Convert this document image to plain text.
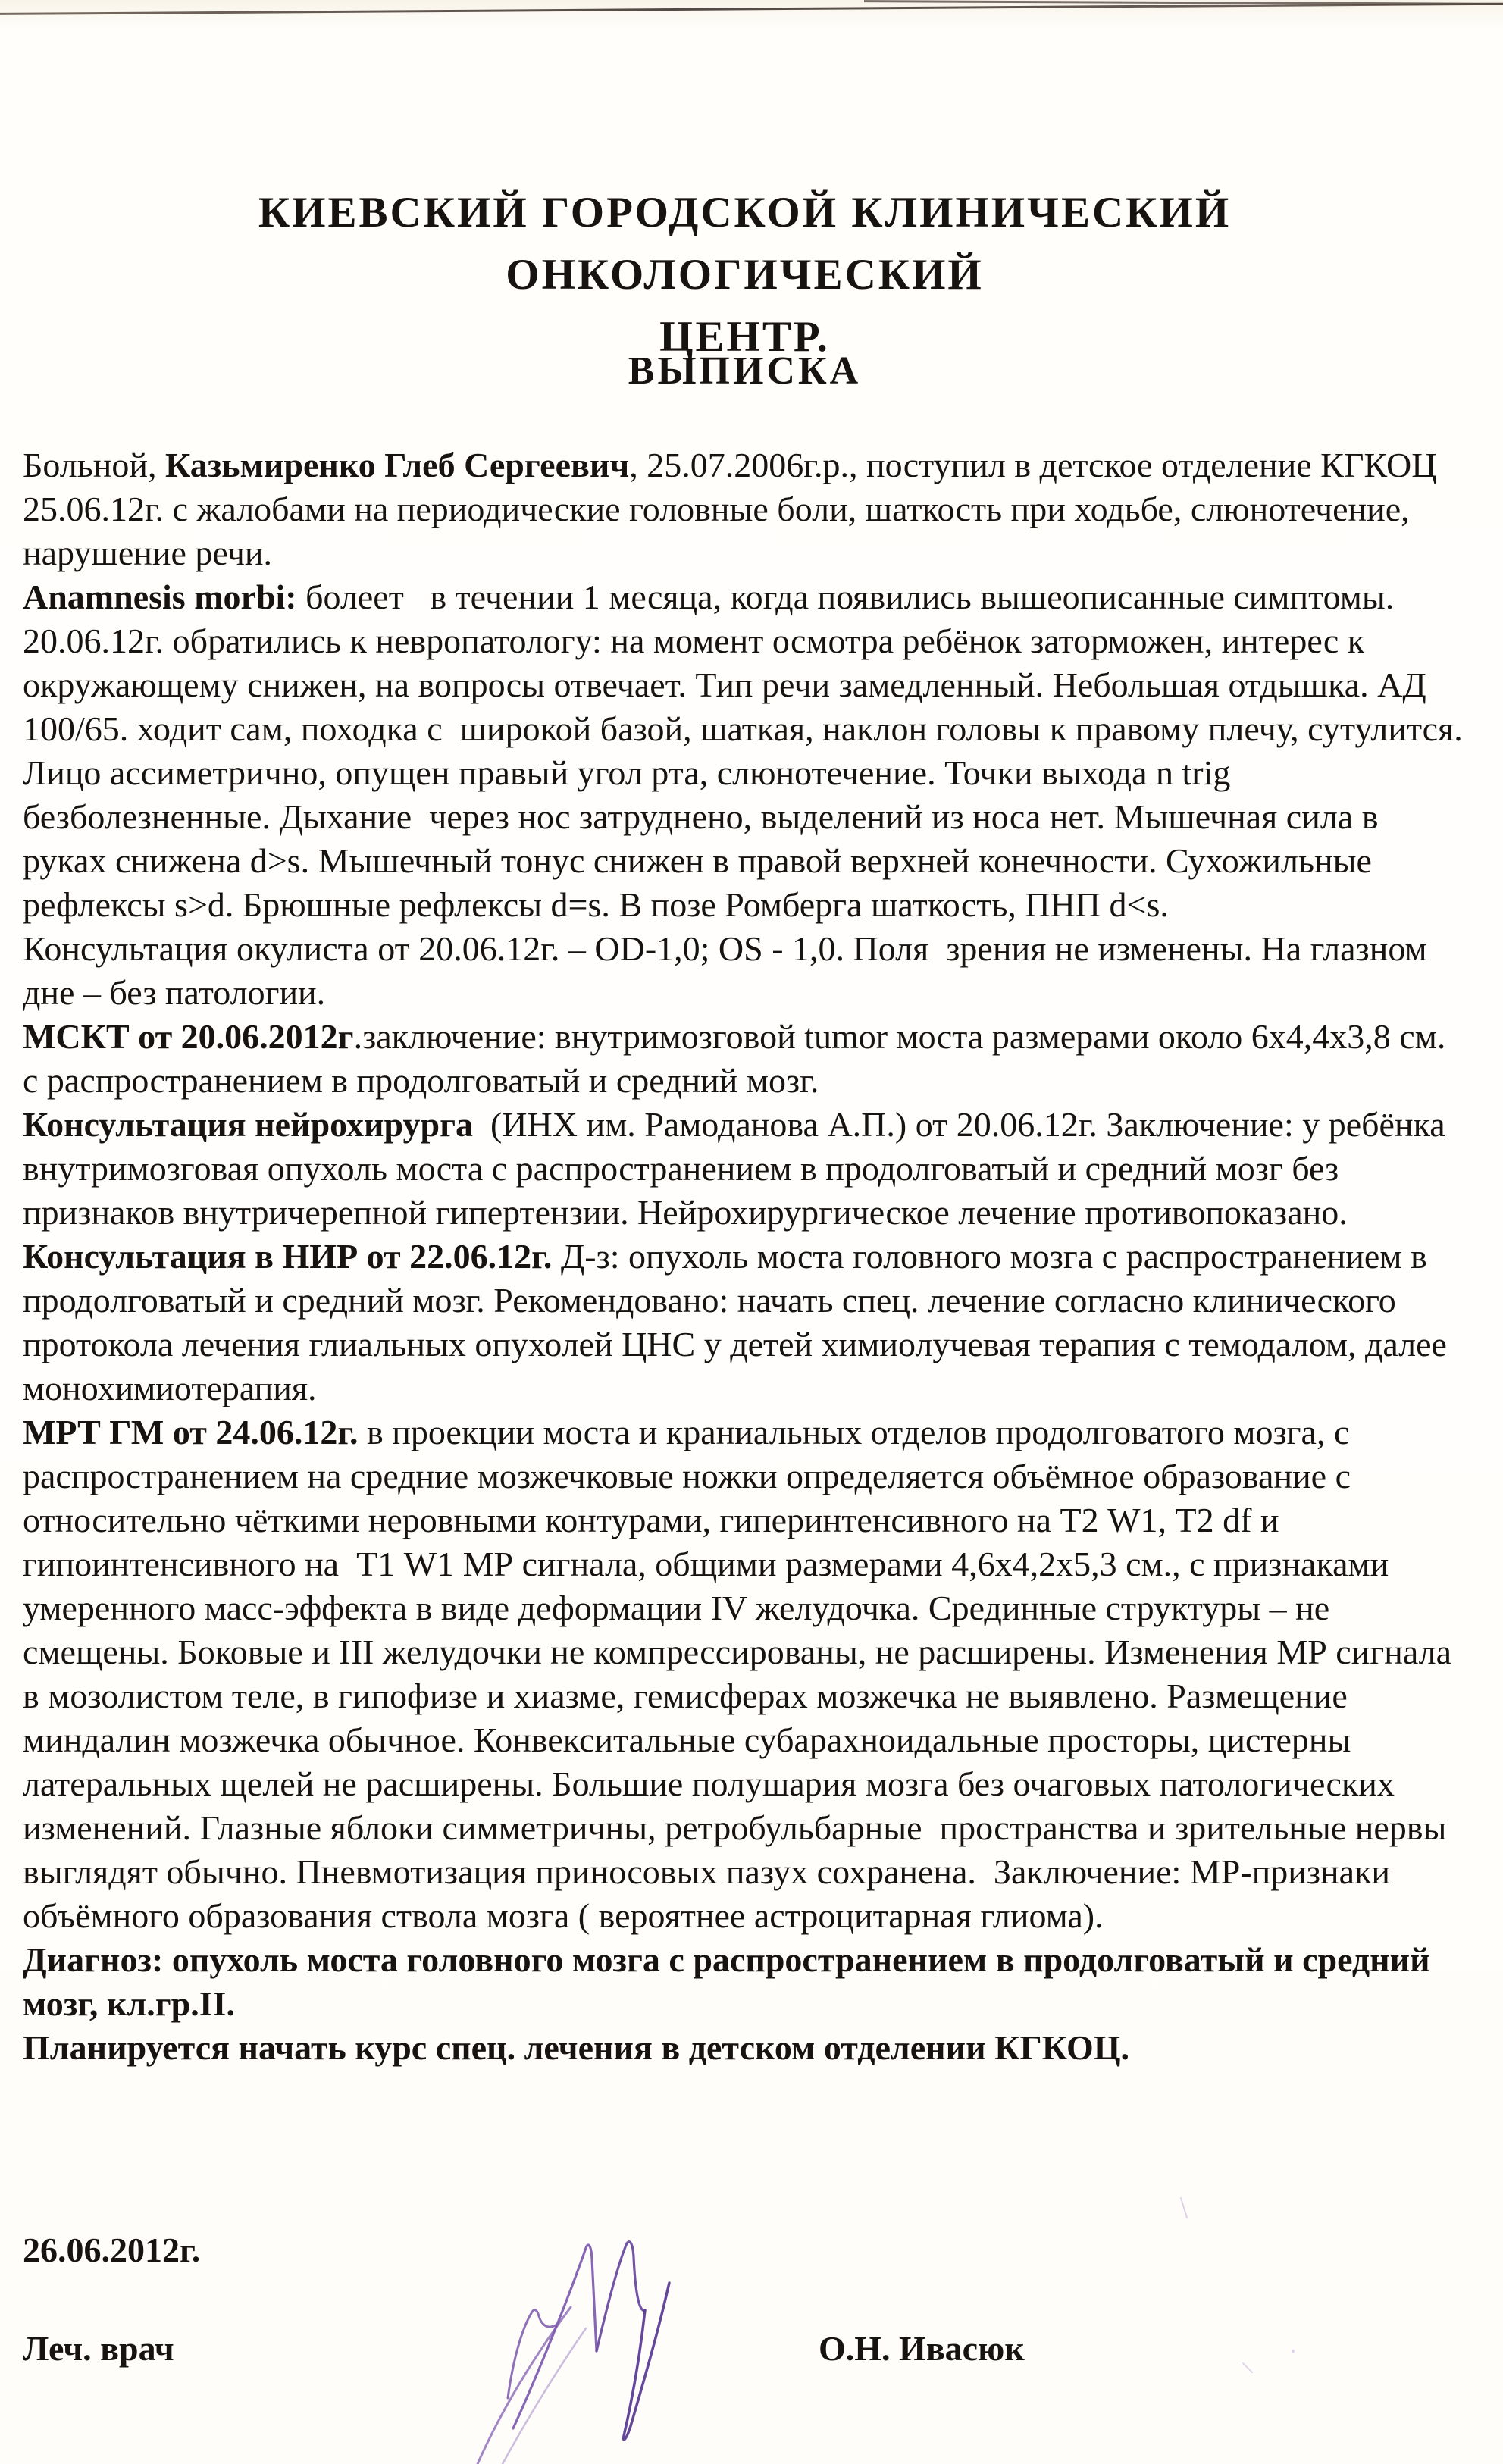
КИЕВСКИЙ ГОРОДСКОЙ КЛИНИЧЕСКИЙ ОНКОЛОГИЧЕСКИЙ
ЦЕНТР.
ВЫПИСКА

Больной, Казьмиренко Глеб Сергеевич, 25.07.2006г.р., поступил в детское отделение КГКОЦ  25.06.12г. с жалобами на периодические головные боли, шаткость при ходьбе, слюнотечение, нарушение речи.

Anamnesis morbi: болеет   в течении 1 месяца, когда появились вышеописанные симптомы. 20.06.12г. обратились к невропатологу: на момент осмотра ребёнок заторможен, интерес к окружающему снижен, на вопросы отвечает. Тип речи замедленный. Небольшая отдышка. АД 100/65. ходит сам, походка с  широкой базой, шаткая, наклон головы к правому плечу, сутулится. Лицо ассиметрично, опущен правый угол рта, слюнотечение. Точки выхода n trig  безболезненные. Дыхание  через нос затруднено, выделений из носа нет. Мышечная сила в руках снижена d>s. Мышечный тонус снижен в правой верхней конечности. Сухожильные рефлексы s>d. Брюшные рефлексы d=s. В позе Ромберга шаткость, ПНП d<s.

Консультация окулиста от 20.06.12г. – OD-1,0; OS - 1,0. Поля  зрения не изменены. На глазном дне – без патологии.

МСКТ от 20.06.2012г.заключение: внутримозговой tumor моста размерами около 6х4,4х3,8 см. с распространением в продолговатый и средний мозг.

Консультация нейрохирурга  (ИНХ им. Рамоданова А.П.) от 20.06.12г. Заключение: у ребёнка  внутримозговая опухоль моста с распространением в продолговатый и средний мозг без признаков внутричерепной гипертензии. Нейрохирургическое лечение противопоказано.

Консультация в НИР от 22.06.12г. Д-з: опухоль моста головного мозга с распространением в продолговатый и средний мозг. Рекомендовано: начать спец. лечение согласно клинического протокола лечения глиальных опухолей ЦНС у детей химиолучевая терапия с темодалом, далее монохимиотерапия.

МРТ ГМ от 24.06.12г. в проекции моста и краниальных отделов продолговатого мозга, с распространением на средние мозжечковые ножки определяется объёмное образование с относительно чёткими неровными контурами, гиперинтенсивного на Т2 W1, Т2 df и гипоинтенсивного на  Т1 W1 МР сигнала, общими размерами 4,6х4,2х5,3 см., с признаками умеренного масс-эффекта в виде деформации IV желудочка. Срединные структуры – не смещены. Боковые и III желудочки не компрессированы, не расширены. Изменения МР сигнала в мозолистом теле, в гипофизе и хиазме, гемисферах мозжечка не выявлено. Размещение миндалин мозжечка обычное. Конвекситальные субарахноидальные просторы, цистерны латеральных щелей не расширены. Большие полушария мозга без очаговых патологических изменений. Глазные яблоки симметричны, ретробульбарные  пространства и зрительные нервы выглядят обычно. Пневмотизация приносовых пазух сохранена.  Заключение: МР-признаки объёмного образования ствола мозга ( вероятнее астроцитарная глиома).

Диагноз: опухоль моста головного мозга с распространением в продолговатый и средний мозг, кл.гр.II.

Планируется начать курс спец. лечения в детском отделении КГКОЦ.

26.06.2012г.
Леч. врач	О.Н. Ивасюк
